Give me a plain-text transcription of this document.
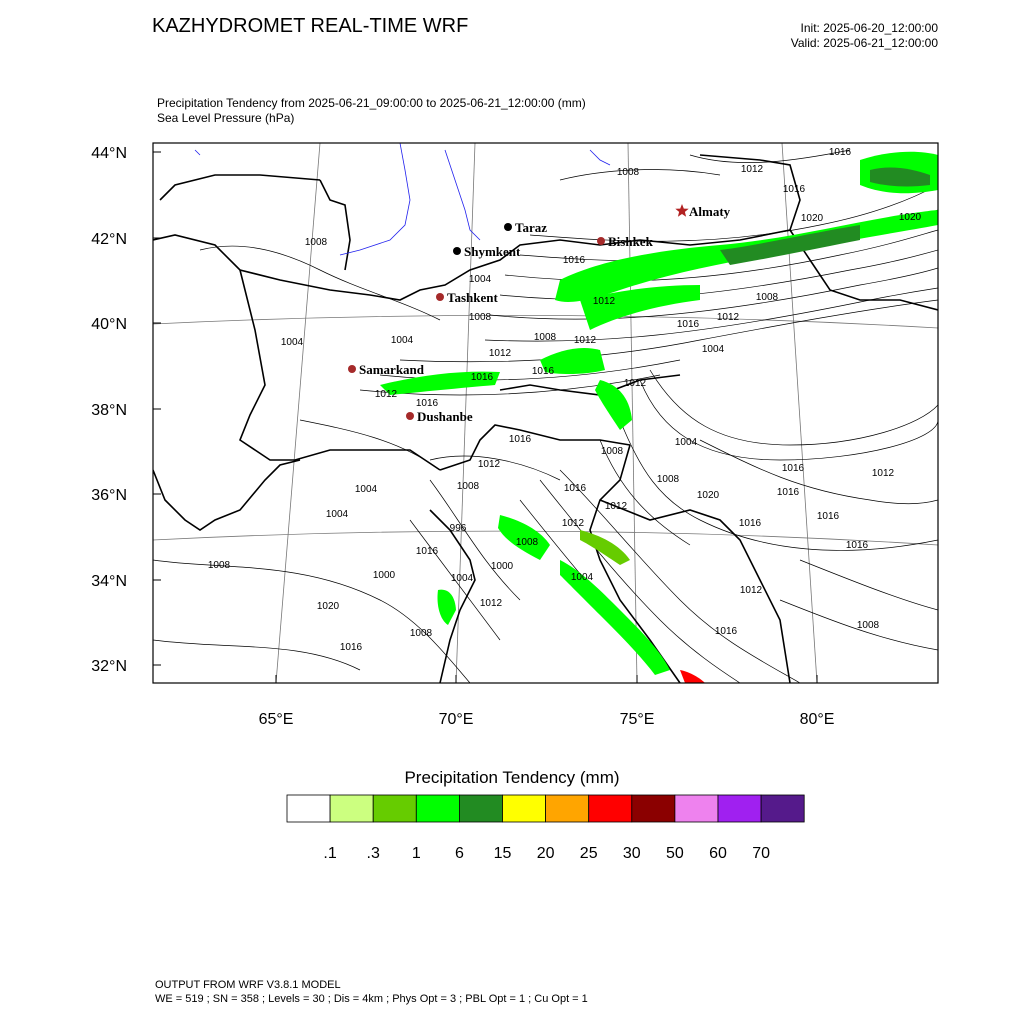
KAZHYDROMET REAL-TIME WRF	Init: 2025-06-20_12:00:00
Valid: 2025-06-21_12:00:00
Precipitation Tendency from 2025-06-21_09:00:00 to 2025-06-21_12:00:00 (mm)
Sea Level Pressure (hPa)
1016
1008	1012
1016
1020
1008
1004
1008
1012
1016
1016
1008	1012
1004	1004
1004
1008
1012
1012
1016
1012
1016
1012
1016
1016
1012
1008
1004
1008
1016
1016
1016
1020
1016
1012
1004	1008
1012
1004
1008
996
1000	1004
1016
1020
1016
1012
1012
1016
1016
1016
1000
1008
1004
1008
1012
1008
1020
Almaty
Taraz
Bishkek
Shymkent
Tashkent
Samarkand
Dushanbe
44°N
42°N
40°N
38°N
36°N
34°N
32°N
65°E	70°E	75°E	80°E
.1 .3 1 6 15 20 25 30 50 60 70
Precipitation Tendency (mm)
OUTPUT FROM WRF V3.8.1 MODEL
WE = 519 ; SN = 358 ; Levels = 30 ; Dis = 4km ; Phys Opt = 3 ; PBL Opt = 1 ; Cu Opt = 1
